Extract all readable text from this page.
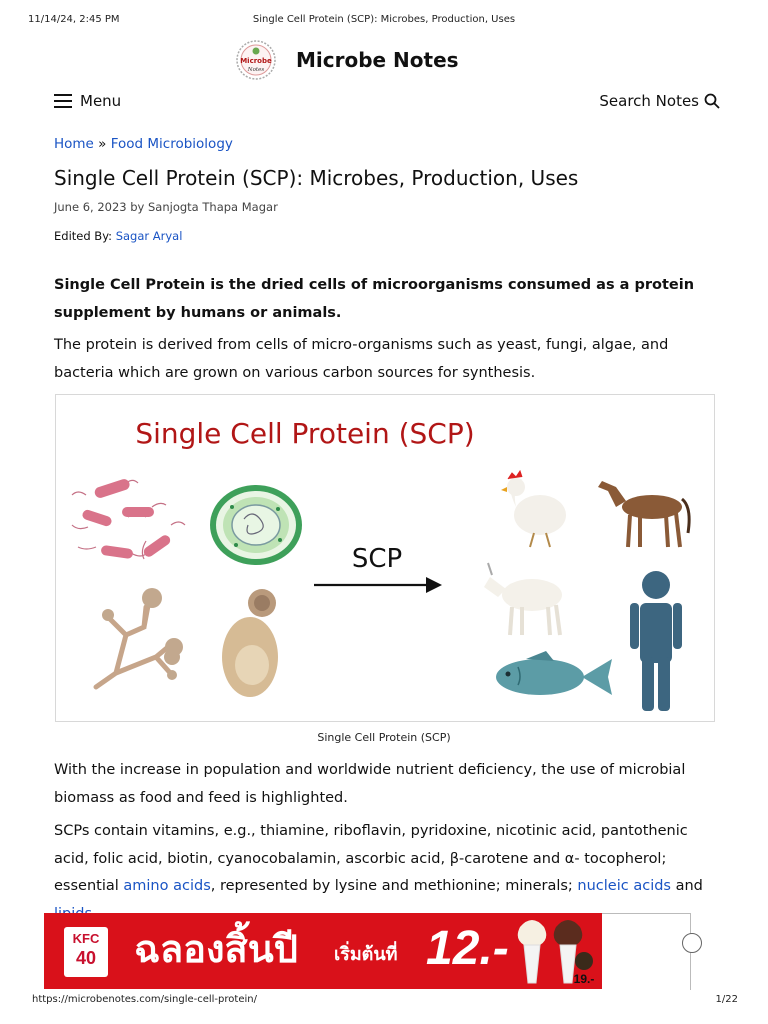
11/14/24, 2:45 PM	Single Cell Protein (SCP): Microbes, Production, Uses
Microbe
Notes Microbe Notes
Menu	Search Notes
Home » Food Microbiology
Single Cell Protein (SCP): Microbes, Production, Uses
June 6, 2023 by Sanjogta Thapa Magar
Edited By: Sagar Aryal

Single Cell Protein is the dried cells of microorganisms consumed as a protein supplement by humans or animals.

The protein is derived from cells of micro-organisms such as yeast, fungi, algae, and bacteria which are grown on various carbon sources for synthesis.

Single Cell Protein (SCP)
SCP
Single Cell Protein (SCP)

With the increase in population and worldwide nutrient deficiency, the use of microbial biomass as food and feed is highlighted.

SCPs contain vitamins, e.g., thiamine, riboflavin, pyridoxine, nicotinic acid, pantothenic acid, folic acid, biotin, cyanocobalamin, ascorbic acid, β-carotene and α- tocopherol; essential amino acids, represented by lysine and methionine; minerals; nucleic acids and

KFC
40 ฉลองสิ้นปี เริ่มต้นที่ 12.-
19.-
https://microbenotes.com/single-cell-protein/	1/22
